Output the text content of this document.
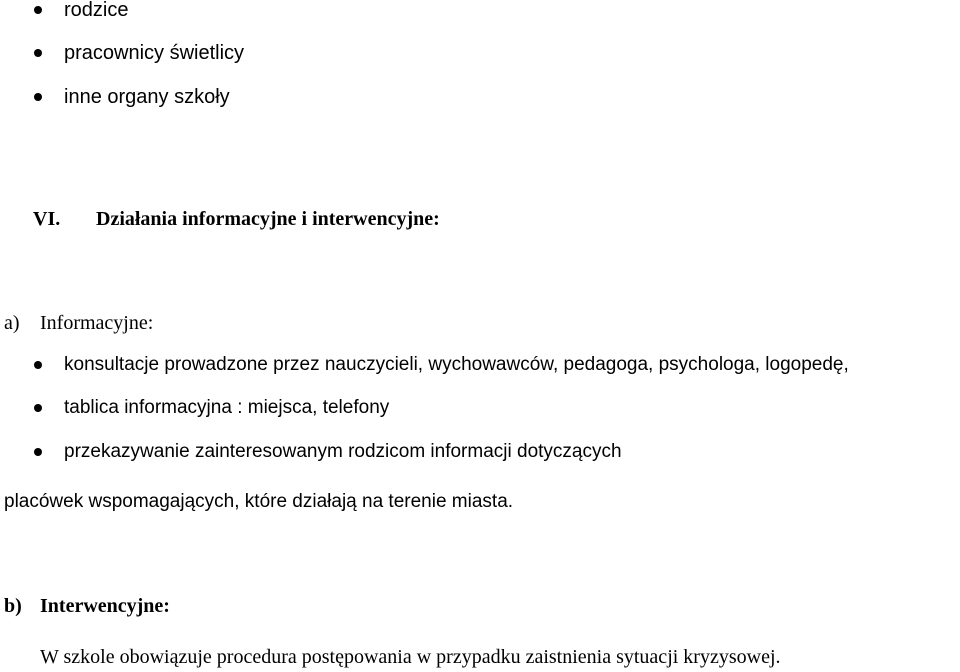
rodzice
pracownicy świetlicy
inne organy szkoły
VI. Działania informacyjne i interwencyjne:
a) Informacyjne:
konsultacje prowadzone przez nauczycieli, wychowawców, pedagoga, psychologa, logopedę,
tablica informacyjna : miejsca, telefony
przekazywanie zainteresowanym rodzicom informacji dotyczących
placówek wspomagających, które działają na terenie miasta.
b) Interwencyjne:
W szkole obowiązuje procedura postępowania w przypadku zaistnienia sytuacji kryzysowej.
